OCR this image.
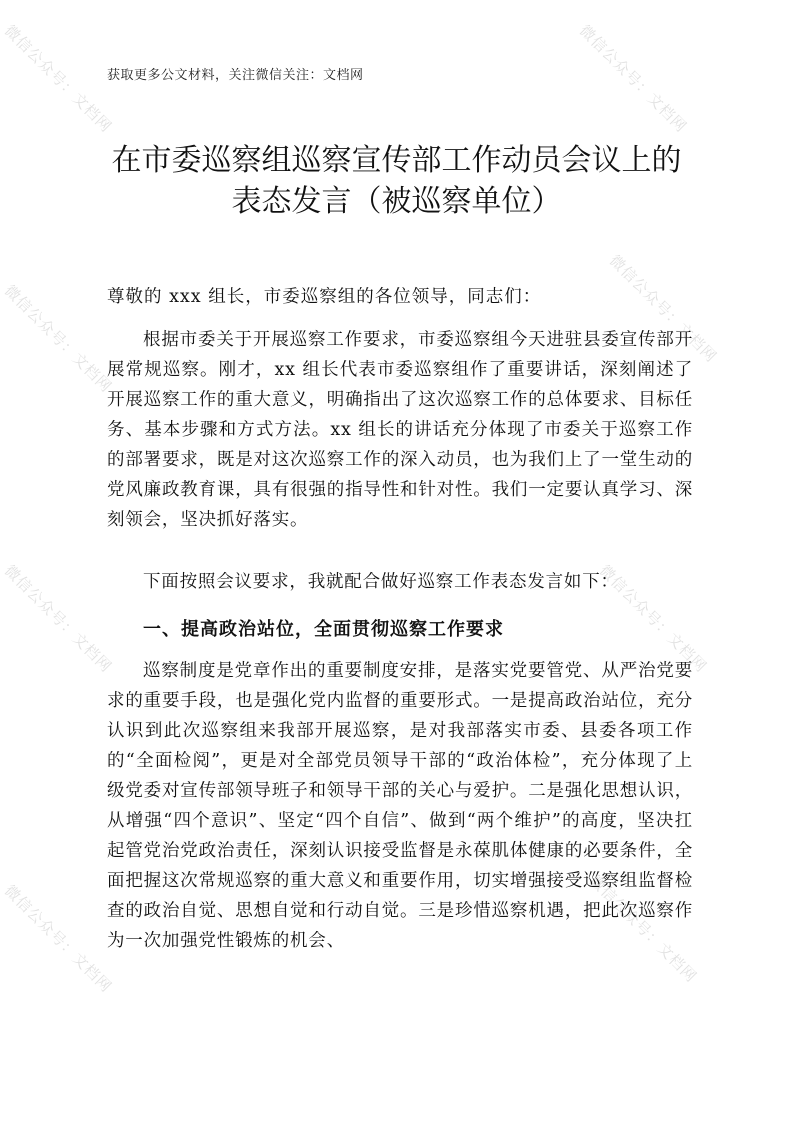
微信公众号：文档网	微信公众号：文档网
微信公众号：文档网	微信公众号：文档网
微信公众号：文档网	微信公众号：文档网
微信公众号：文档网	微信公众号：文档网
获取更多公文材料，关注微信关注：文档网
在市委巡察组巡察宣传部工作动员会议上的表态发言（被巡察单位）
尊敬的 xxx 组长，市委巡察组的各位领导，同志们：
根据市委关于开展巡察工作要求，市委巡察组今天进驻县委宣传部开展常规巡察。刚才，xx 组长代表市委巡察组作了重要讲话，深刻阐述了开展巡察工作的重大意义，明确指出了这次巡察工作的总体要求、目标任务、基本步骤和方式方法。xx 组长的讲话充分体现了市委关于巡察工作的部署要求，既是对这次巡察工作的深入动员，也为我们上了一堂生动的党风廉政教育课，具有很强的指导性和针对性。我们一定要认真学习、深刻领会，坚决抓好落实。
下面按照会议要求，我就配合做好巡察工作表态发言如下：
一、提高政治站位，全面贯彻巡察工作要求
巡察制度是党章作出的重要制度安排，是落实党要管党、从严治党要求的重要手段，也是强化党内监督的重要形式。一是提高政治站位，充分认识到此次巡察组来我部开展巡察，是对我部落实市委、县委各项工作的“全面检阅”，更是对全部党员领导干部的“政治体检”，充分体现了上级党委对宣传部领导班子和领导干部的关心与爱护。二是强化思想认识，从增强“四个意识”、坚定“四个自信”、做到“两个维护”的高度，坚决扛起管党治党政治责任，深刻认识接受监督是永葆肌体健康的必要条件，全面把握这次常规巡察的重大意义和重要作用，切实增强接受巡察组监督检查的政治自觉、思想自觉和行动自觉。三是珍惜巡察机遇，把此次巡察作为一次加强党性锻炼的机会、
